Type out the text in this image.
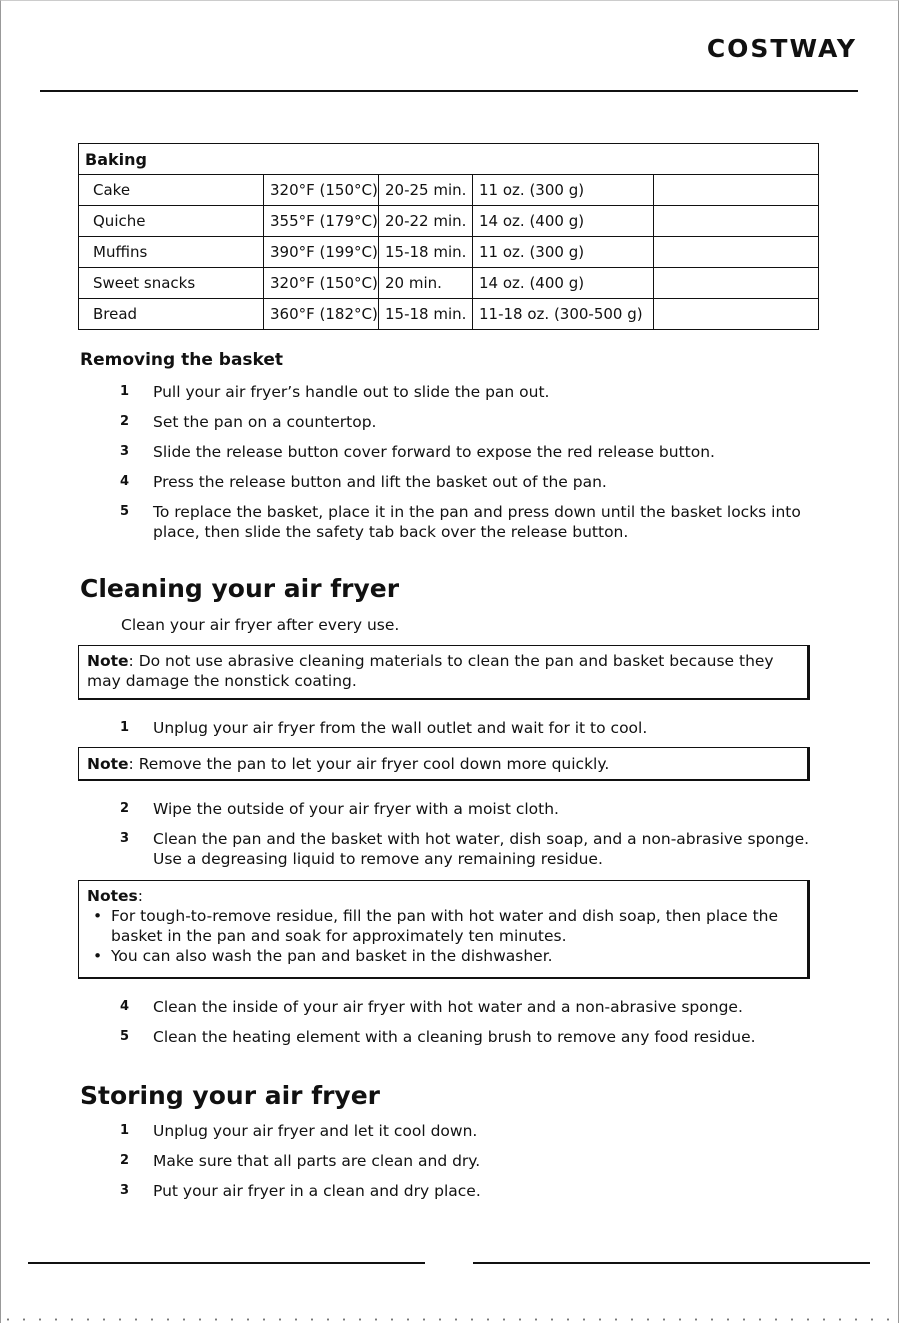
COSTWAY
Baking				
Cake	320°F (150°C)	20-25 min.	11 oz. (300 g)	
Quiche	355°F (179°C)	20-22 min.	14 oz. (400 g)	
Muffins	390°F (199°C)	15-18 min.	11 oz. (300 g)	
Sweet snacks	320°F (150°C)	20 min.	14 oz. (400 g)	
Bread	360°F (182°C)	15-18 min.	11-18 oz. (300-500 g)	
Removing the basket
1	Pull your air fryer’s handle out to slide the pan out.
2	Set the pan on a countertop.
3	Slide the release button cover forward to expose the red release button.
4	Press the release button and lift the basket out of the pan.
5	To replace the basket, place it in the pan and press down until the basket locks into place, then slide the safety tab back over the release button.
Cleaning your air fryer
Clean your air fryer after every use.
Note: Do not use abrasive cleaning materials to clean the pan and basket because they may damage the nonstick coating.
1	Unplug your air fryer from the wall outlet and wait for it to cool.
Note: Remove the pan to let your air fryer cool down more quickly.
2	Wipe the outside of your air fryer with a moist cloth.
3	Clean the pan and the basket with hot water, dish soap, and a non-abrasive sponge. Use a degreasing liquid to remove any remaining residue.
Notes:
• For tough-to-remove residue, fill the pan with hot water and dish soap, then place the basket in the pan and soak for approximately ten minutes.
• You can also wash the pan and basket in the dishwasher.
4	Clean the inside of your air fryer with hot water and a non-abrasive sponge.
5	Clean the heating element with a cleaning brush to remove any food residue.
Storing your air fryer
1	Unplug your air fryer and let it cool down.
2	Make sure that all parts are clean and dry.
3	Put your air fryer in a clean and dry place.
